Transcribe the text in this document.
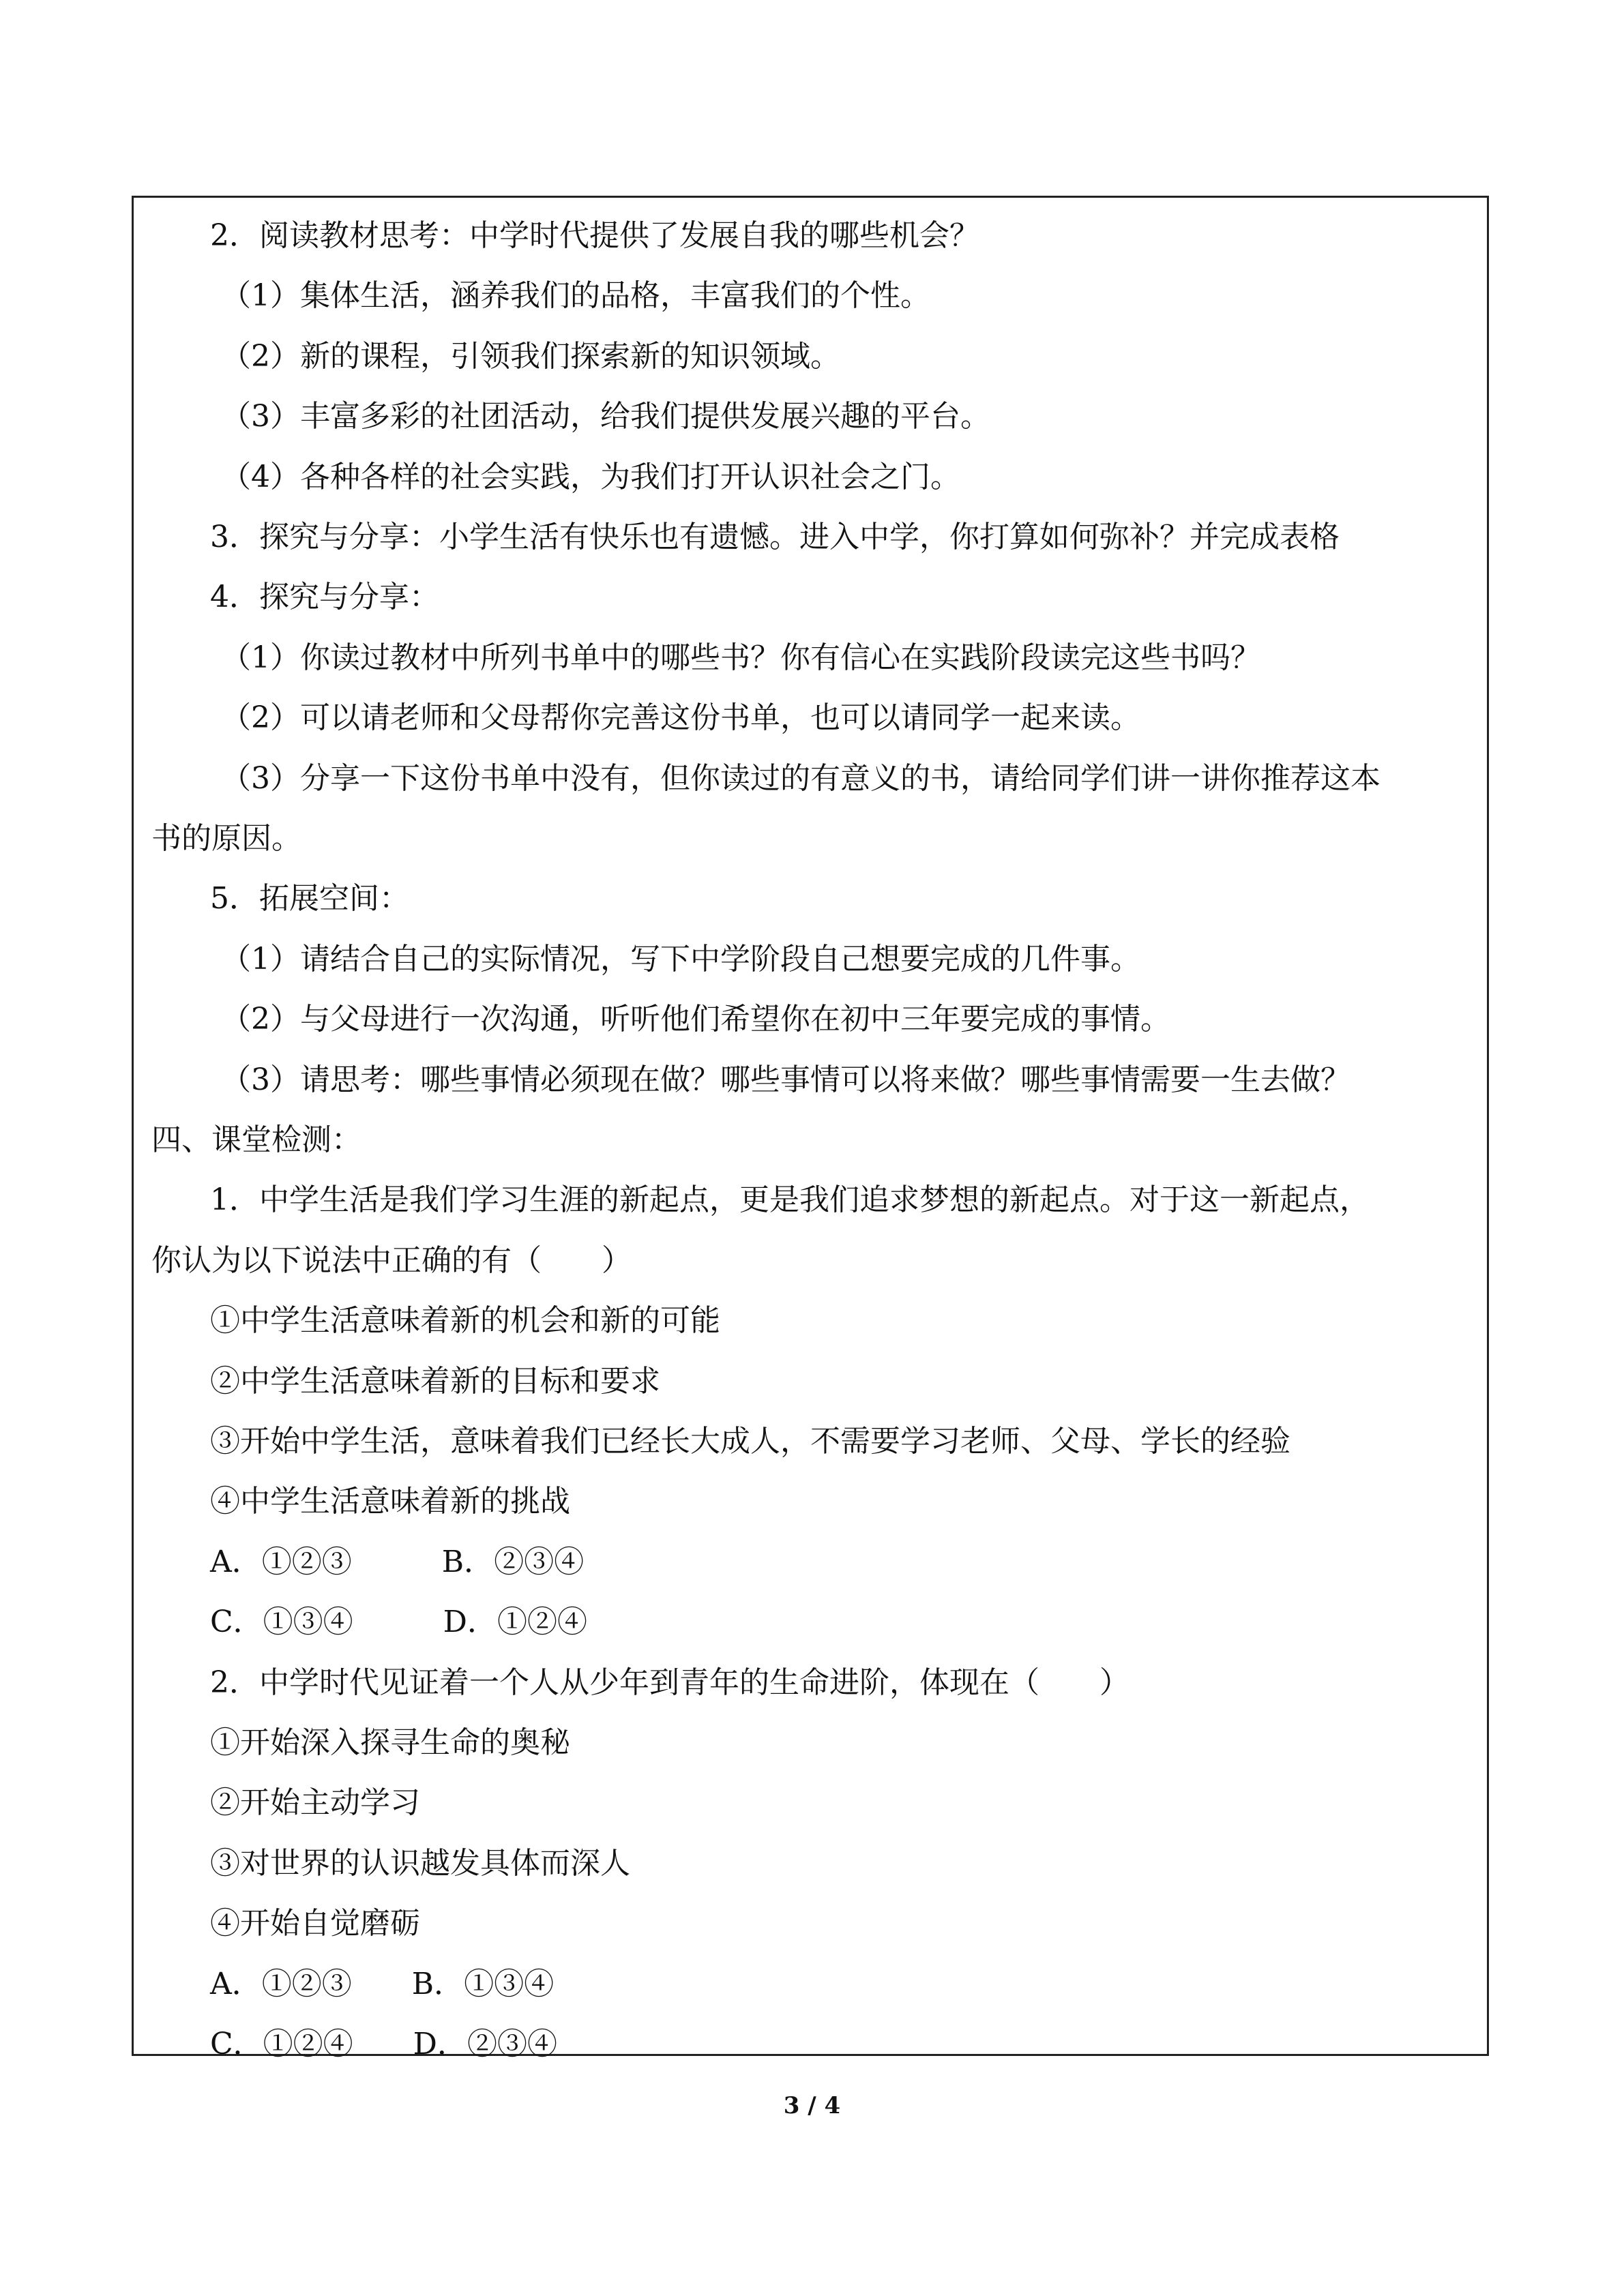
2．阅读教材思考：中学时代提供了发展自我的哪些机会？
（1）集体生活，涵养我们的品格，丰富我们的个性。
（2）新的课程，引领我们探索新的知识领域。
（3）丰富多彩的社团活动，给我们提供发展兴趣的平台。
（4）各种各样的社会实践，为我们打开认识社会之门。
3．探究与分享：小学生活有快乐也有遗憾。进入中学，你打算如何弥补？并完成表格
4．探究与分享：
（1）你读过教材中所列书单中的哪些书？你有信心在实践阶段读完这些书吗？
（2）可以请老师和父母帮你完善这份书单，也可以请同学一起来读。
（3）分享一下这份书单中没有，但你读过的有意义的书，请给同学们讲一讲你推荐这本
书的原因。
5．拓展空间：
（1）请结合自己的实际情况，写下中学阶段自己想要完成的几件事。
（2）与父母进行一次沟通，听听他们希望你在初中三年要完成的事情。
（3）请思考：哪些事情必须现在做？哪些事情可以将来做？哪些事情需要一生去做？
四、课堂检测：
1．中学生活是我们学习生涯的新起点，更是我们追求梦想的新起点。对于这一新起点，
你认为以下说法中正确的有（　　）
①中学生活意味着新的机会和新的可能
②中学生活意味着新的目标和要求
③开始中学生活，意味着我们已经长大成人，不需要学习老师、父母、学长的经验
④中学生活意味着新的挑战
A．①②③　　　B．②③④
C．①③④　　　D．①②④
2．中学时代见证着一个人从少年到青年的生命进阶，体现在（　　）
①开始深入探寻生命的奥秘
②开始主动学习
③对世界的认识越发具体而深人
④开始自觉磨砺
A．①②③　　B．①③④
C．①②④　　D．②③④
3 / 4
